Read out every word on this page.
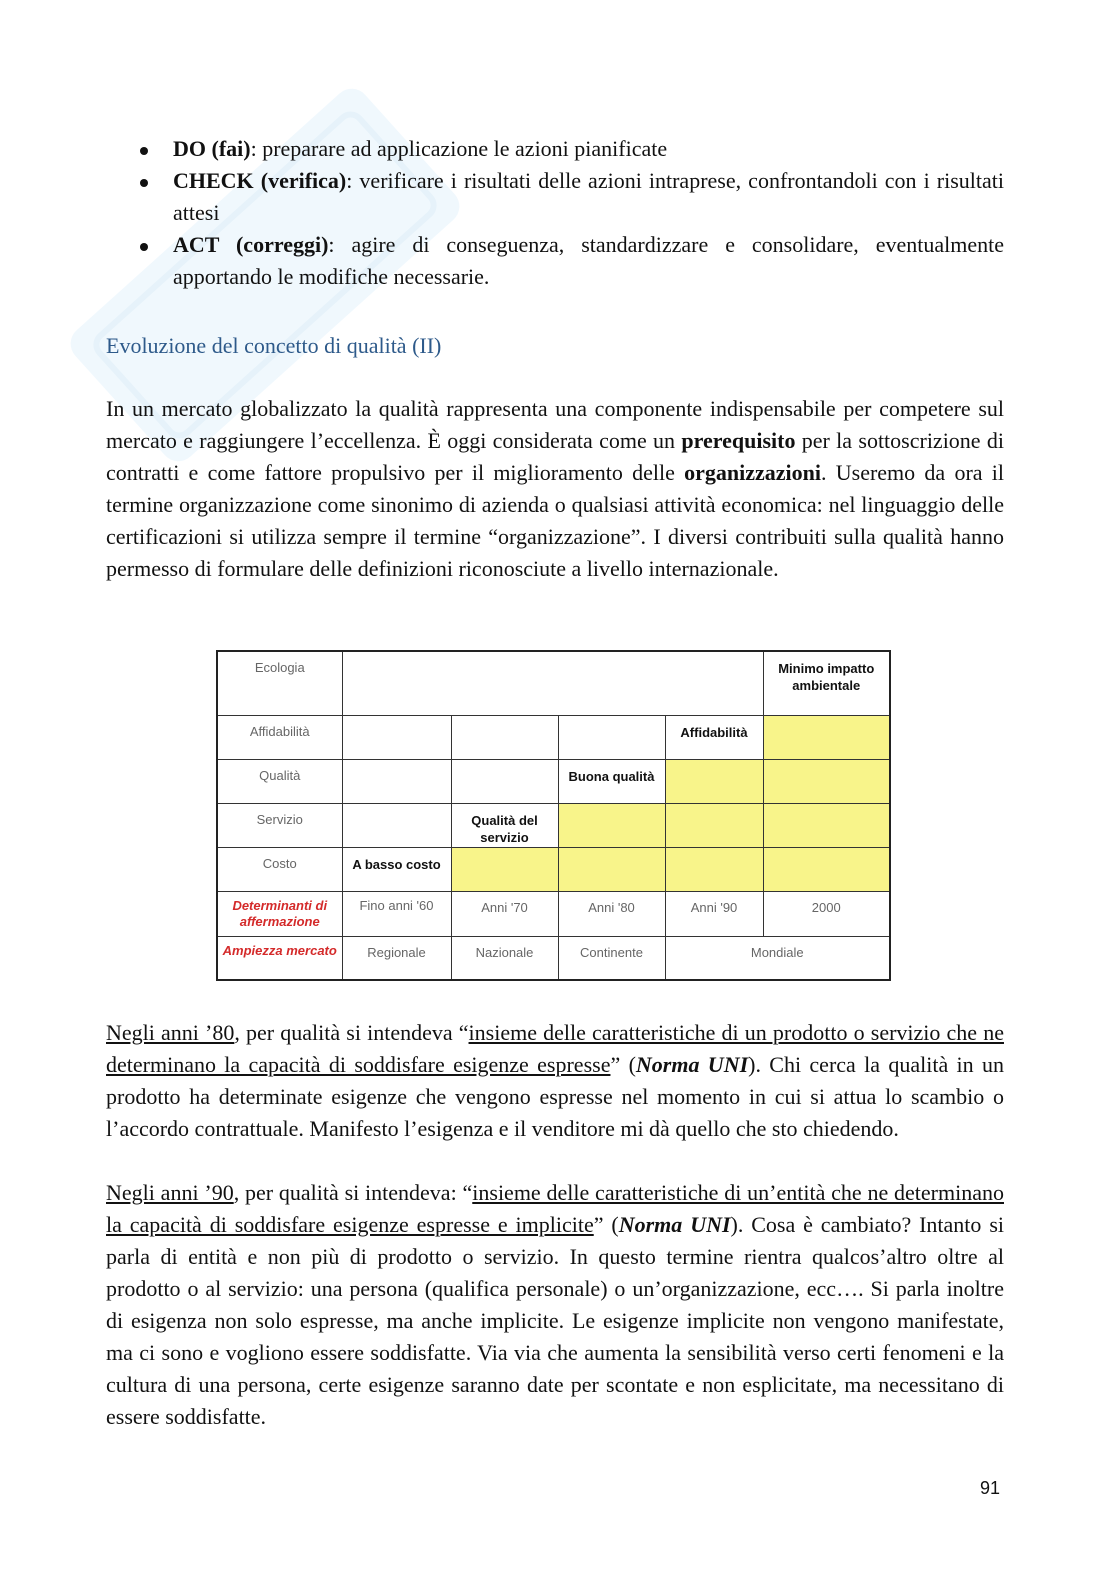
DO (fai): preparare ad applicazione le azioni pianificate
CHECK (verifica): verificare i risultati delle azioni intraprese, confrontandoli con i risultati attesi
ACT (correggi): agire di conseguenza, standardizzare e consolidare, eventualmente apportando le modifiche necessarie.
Evoluzione del concetto di qualità (II)

In un mercato globalizzato la qualità rappresenta una componente indispensabile per competere sul mercato e raggiungere l’eccellenza. È oggi considerata come un prerequisito per la sottoscrizione di contratti e come fattore propulsivo per il miglioramento delle organizzazioni. Useremo da ora il termine organizzazione come sinonimo di azienda o qualsiasi attività economica: nel linguaggio delle certificazioni si utilizza sempre il termine “organizzazione”. I diversi contribuiti sulla qualità hanno permesso di formulare delle definizioni riconosciute a livello internazionale.

Ecologia					Minimo impatto ambientale
Affidabilità				Affidabilità	
Qualità			Buona qualità		
Servizio		Qualità del servizio			
Costo	A basso costo				
Determinanti di affermazione	Fino anni '60	Anni '70	Anni '80	Anni '90	2000
Ampiezza mercato	Regionale	Nazionale	Continente	Mondiale	

Negli anni ’80, per qualità si intendeva “insieme delle caratteristiche di un prodotto o servizio che ne determinano la capacità di soddisfare esigenze espresse” (Norma UNI). Chi cerca la qualità in un prodotto ha determinate esigenze che vengono espresse nel momento in cui si attua lo scambio o l’accordo contrattuale. Manifesto l’esigenza e il venditore mi dà quello che sto chiedendo.

Negli anni ’90, per qualità si intendeva: “insieme delle caratteristiche di un’entità che ne determinano la capacità di soddisfare esigenze espresse e implicite” (Norma UNI). Cosa è cambiato? Intanto si parla di entità e non più di prodotto o servizio. In questo termine rientra qualcos’altro oltre al prodotto o al servizio: una persona (qualifica personale) o un’organizzazione, ecc…. Si parla inoltre di esigenza non solo espresse, ma anche implicite. Le esigenze implicite non vengono manifestate, ma ci sono e vogliono essere soddisfatte. Via via che aumenta la sensibilità verso certi fenomeni e la cultura di una persona, certe esigenze saranno date per scontate e non esplicitate, ma necessitano di essere soddisfatte.

91
